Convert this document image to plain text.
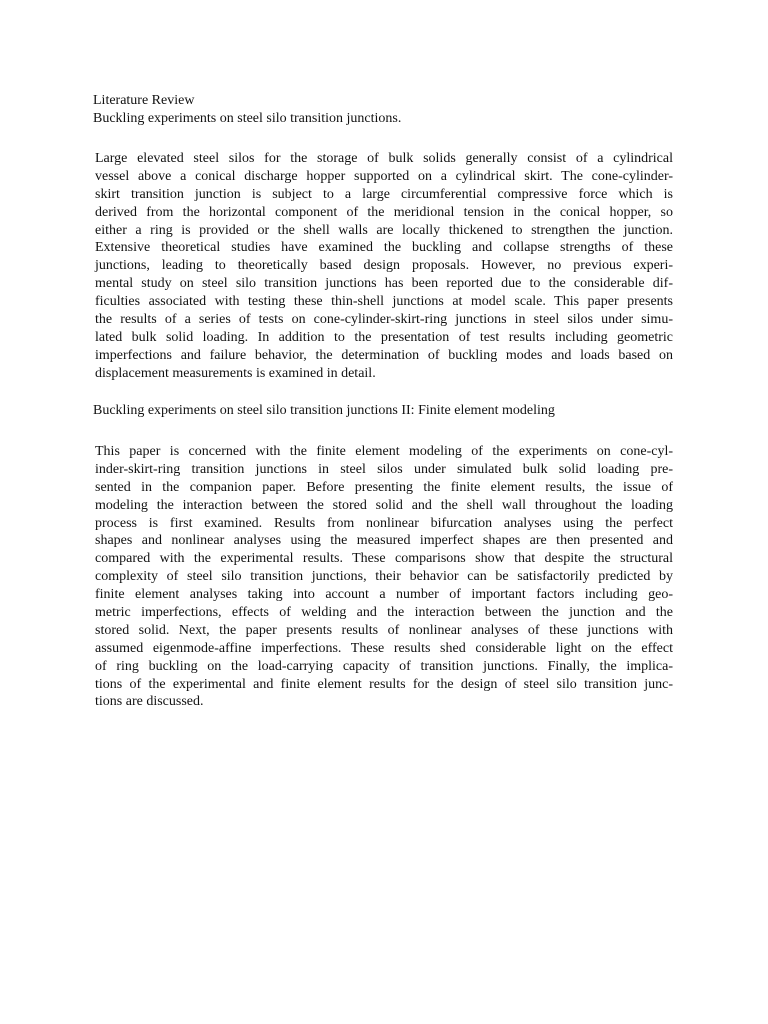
Literature Review
Buckling experiments on steel silo transition junctions.
Large elevated steel silos for the storage of bulk solids generally consist of a cylindrical
vessel above a conical discharge hopper supported on a cylindrical skirt. The cone-cylinder-
skirt transition junction is subject to a large circumferential compressive force which is
derived from the horizontal component of the meridional tension in the conical hopper, so
either a ring is provided or the shell walls are locally thickened to strengthen the junction.
Extensive theoretical studies have examined the buckling and collapse strengths of these
junctions, leading to theoretically based design proposals. However, no previous experi-
mental study on steel silo transition junctions has been reported due to the considerable dif-
ficulties associated with testing these thin-shell junctions at model scale. This paper presents
the results of a series of tests on cone-cylinder-skirt-ring junctions in steel silos under simu-
lated bulk solid loading. In addition to the presentation of test results including geometric
imperfections and failure behavior, the determination of buckling modes and loads based on
displacement measurements is examined in detail.
Buckling experiments on steel silo transition junctions II: Finite element modeling
This paper is concerned with the finite element modeling of the experiments on cone-cyl-
inder-skirt-ring transition junctions in steel silos under simulated bulk solid loading pre-
sented in the companion paper. Before presenting the finite element results, the issue of
modeling the interaction between the stored solid and the shell wall throughout the loading
process is first examined. Results from nonlinear bifurcation analyses using the perfect
shapes and nonlinear analyses using the measured imperfect shapes are then presented and
compared with the experimental results. These comparisons show that despite the structural
complexity of steel silo transition junctions, their behavior can be satisfactorily predicted by
finite element analyses taking into account a number of important factors including geo-
metric imperfections, effects of welding and the interaction between the junction and the
stored solid. Next, the paper presents results of nonlinear analyses of these junctions with
assumed eigenmode-affine imperfections. These results shed considerable light on the effect
of ring buckling on the load-carrying capacity of transition junctions. Finally, the implica-
tions of the experimental and finite element results for the design of steel silo transition junc-
tions are discussed.
